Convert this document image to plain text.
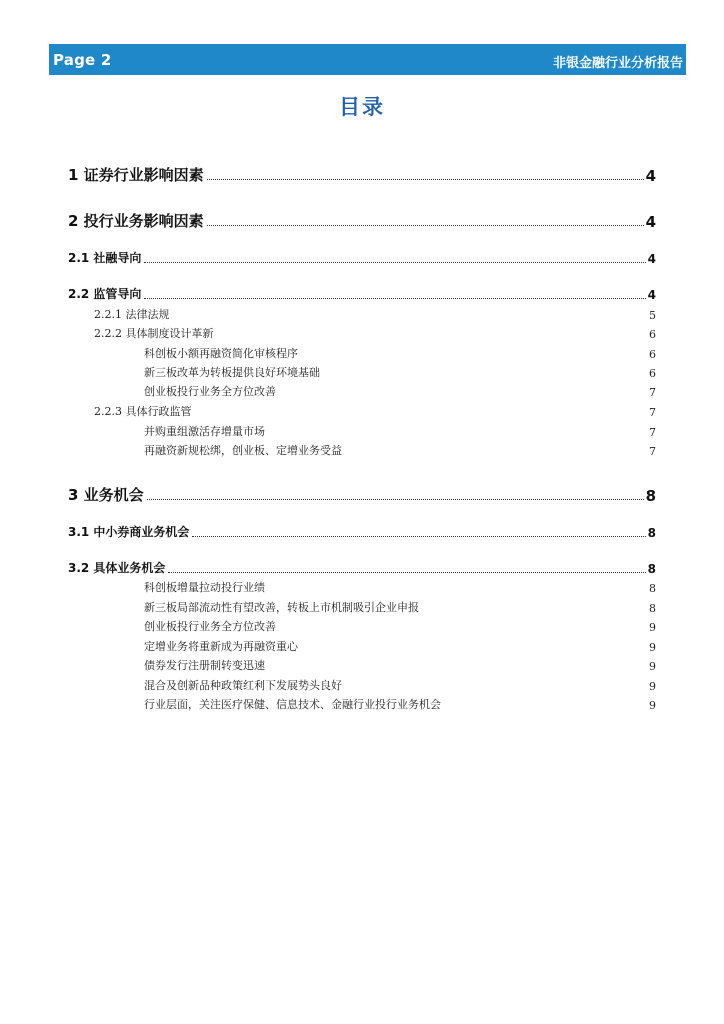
Page 2	非银金融行业分析报告
目录
1 证券行业影响因素	4
2 投行业务影响因素	4
2.1 社融导向	4
2.2 监管导向	4
2.2.1 法律法规	5
2.2.2 具体制度设计革新	6
科创板小额再融资简化审核程序	6
新三板改革为转板提供良好环境基础	6
创业板投行业务全方位改善	7
2.2.3 具体行政监管	7
并购重组激活存增量市场	7
再融资新规松绑，创业板、定增业务受益	7
3 业务机会	8
3.1 中小券商业务机会	8
3.2 具体业务机会	8
科创板增量拉动投行业绩	8
新三板局部流动性有望改善，转板上市机制吸引企业申报	8
创业板投行业务全方位改善	9
定增业务将重新成为再融资重心	9
债券发行注册制转变迅速	9
混合及创新品种政策红利下发展势头良好	9
行业层面，关注医疗保健、信息技术、金融行业投行业务机会	9
